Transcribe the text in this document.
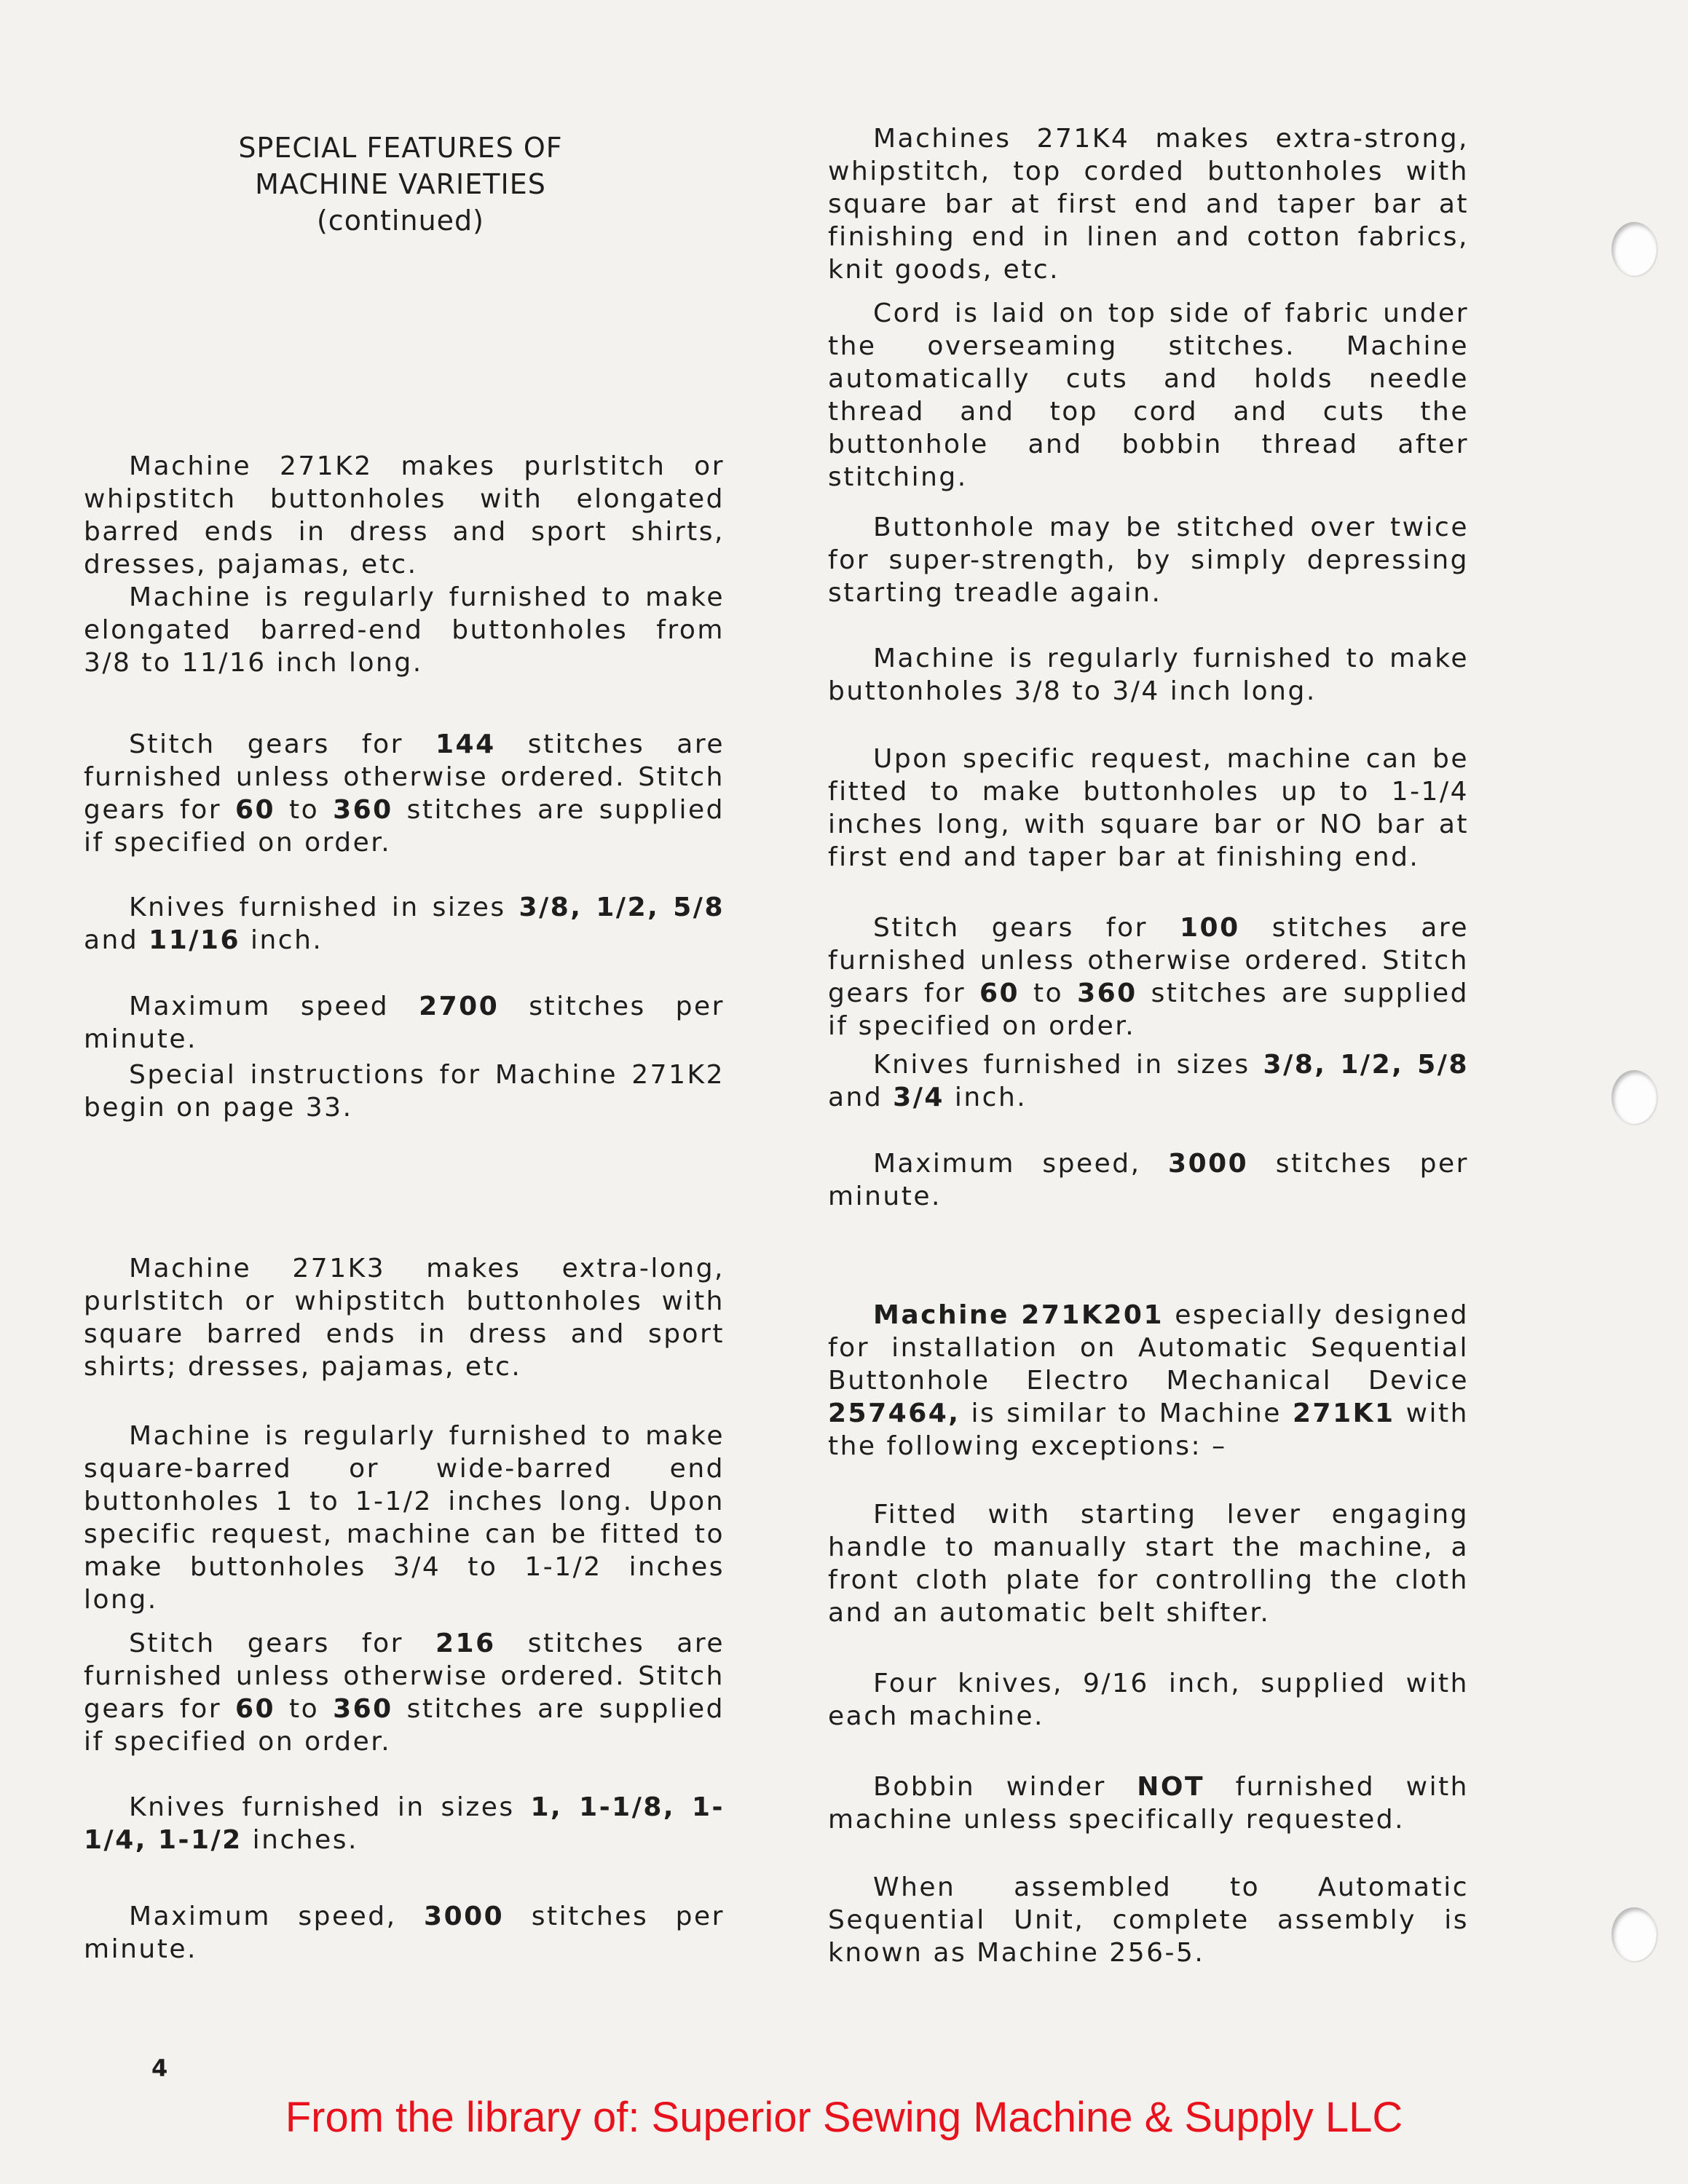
SPECIAL FEATURES OF
MACHINE VARIETIES
(continued)

Machine 271K2 makes purlstitch or whipstitch buttonholes with elongated barred ends in dress and sport shirts, dresses, pajamas, etc.

Machine is regularly furnished to make elongated barred-end buttonholes from 3/8 to 11/16 inch long.

Stitch gears for 144 stitches are furnished unless otherwise ordered. Stitch gears for 60 to 360 stitches are supplied if specified on order.

Knives furnished in sizes 3/8, 1/2, 5/8 and 11/16 inch.

Maximum speed 2700 stitches per minute.

Special instructions for Machine 271K2 begin on page 33.

Machine 271K3 makes extra-long, purlstitch or whipstitch buttonholes with square barred ends in dress and sport shirts; dresses, pajamas, etc.

Machine is regularly furnished to make square-barred or wide-barred end buttonholes 1 to 1-1/2 inches long. Upon specific request, machine can be fitted to make buttonholes 3/4 to 1-1/2 inches long.

Stitch gears for 216 stitches are furnished unless otherwise ordered. Stitch gears for 60 to 360 stitches are supplied if specified on order.

Knives furnished in sizes 1, 1-1/8, 1-1/4, 1-1/2 inches.

Maximum speed, 3000 stitches per minute.

Machines 271K4 makes extra-strong, whipstitch, top corded buttonholes with square bar at first end and taper bar at finishing end in linen and cotton fabrics, knit goods, etc.

Cord is laid on top side of fabric under the overseaming stitches. Machine automatically cuts and holds needle thread and top cord and cuts the buttonhole and bobbin thread after stitching.

Buttonhole may be stitched over twice for super-strength, by simply depressing starting treadle again.

Machine is regularly furnished to make buttonholes 3/8 to 3/4 inch long.

Upon specific request, machine can be fitted to make buttonholes up to 1-1/4 inches long, with square bar or NO bar at first end and taper bar at finishing end.

Stitch gears for 100 stitches are furnished unless otherwise ordered. Stitch gears for 60 to 360 stitches are supplied if specified on order.

Knives furnished in sizes 3/8, 1/2, 5/8 and 3/4 inch.

Maximum speed, 3000 stitches per minute.

Machine 271K201 especially designed for installation on Automatic Sequential Buttonhole Electro Mechanical Device 257464, is similar to Machine 271K1 with the following exceptions: –

Fitted with starting lever engaging handle to manually start the machine, a front cloth plate for controlling the cloth and an automatic belt shifter.

Four knives, 9/16 inch, supplied with each machine.

Bobbin winder NOT furnished with machine unless specifically requested.

When assembled to Automatic Sequential Unit, complete assembly is known as Machine 256-5.

4
From the library of: Superior Sewing Machine & Supply LLC
